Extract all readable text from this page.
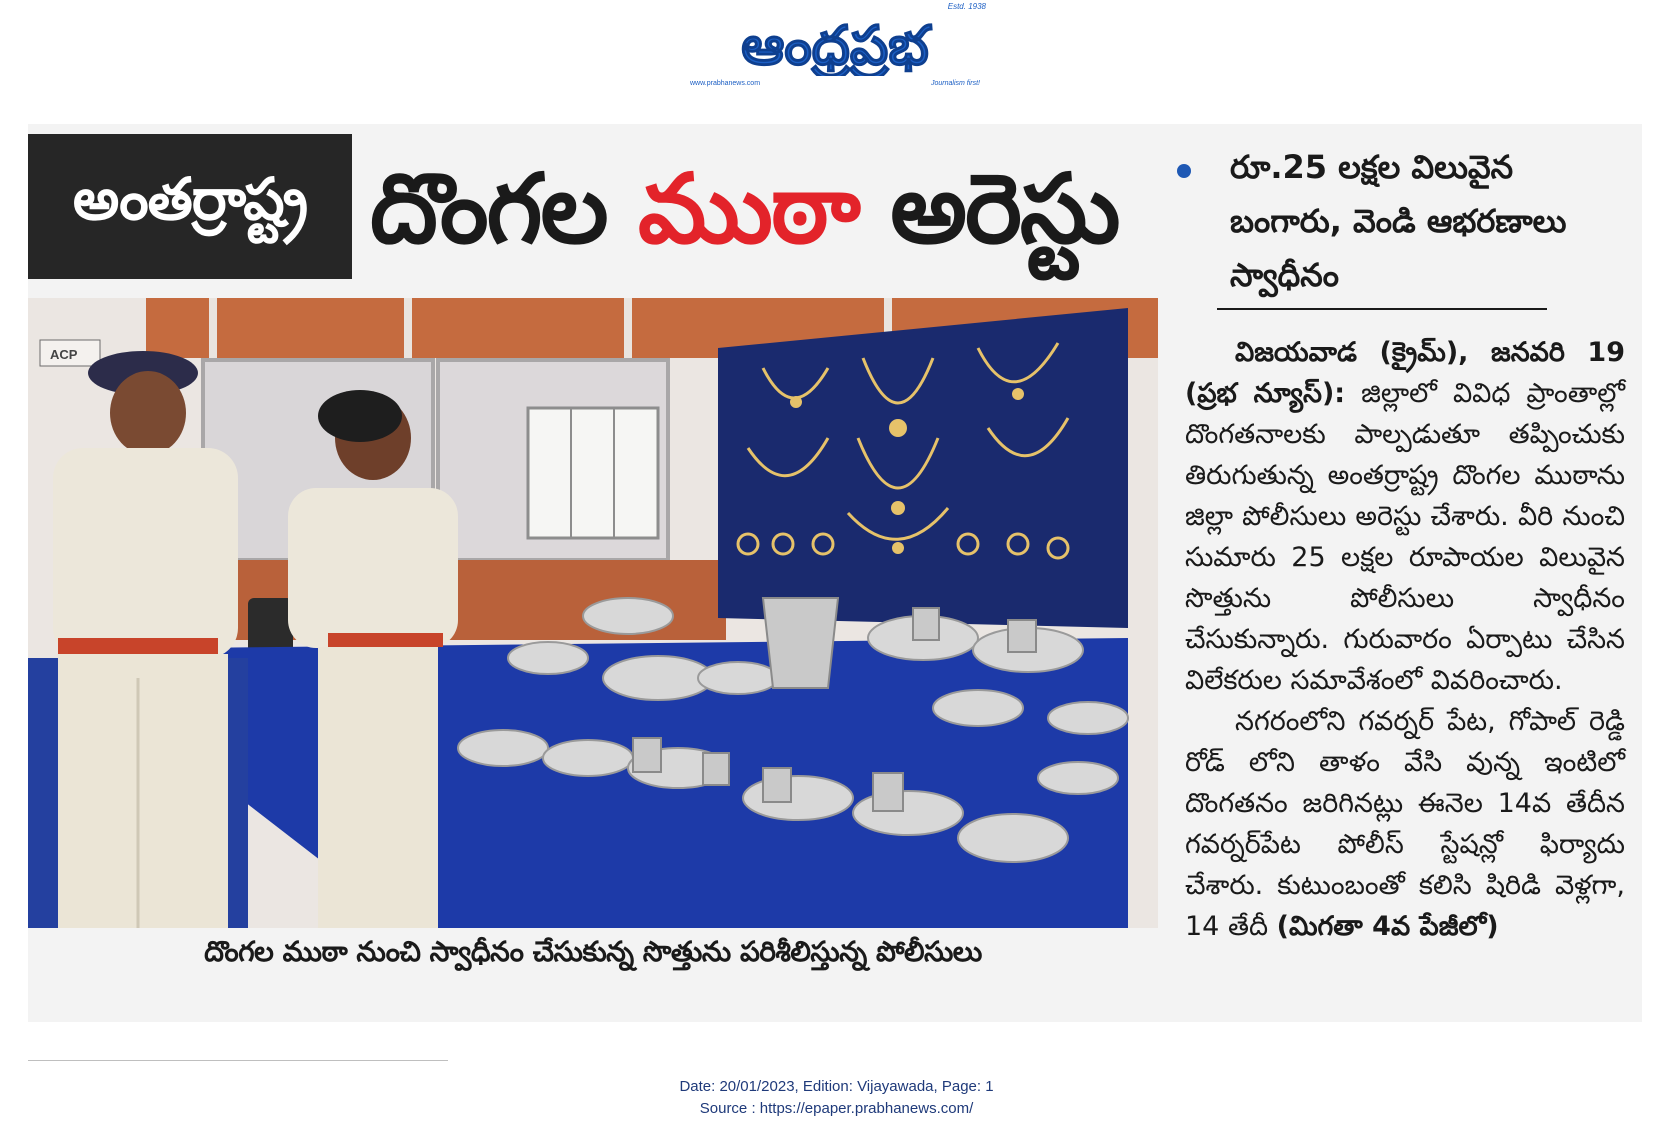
Estd. 1938
ఆంధ్రప్రభ
www.prabhanews.com	Journalism first!
అంతర్రాష్ట్ర దొంగల ముఠా అరెస్టు
ACP
దొంగల ముఠా నుంచి స్వాధీనం చేసుకున్న సొత్తును పరిశీలిస్తున్న పోలీసులు
రూ.25 లక్షల విలువైన బంగారు, వెండి ఆభరణాలు స్వాధీనం

విజయవాడ (క్రైమ్), జనవరి 19 (ప్రభ న్యూస్): జిల్లాలో వివిధ ప్రాంతాల్లో దొంగతనాలకు పాల్పడుతూ తప్పించుకు తిరుగుతున్న అంతర్రాష్ట్ర దొంగల ముఠాను జిల్లా పోలీసులు అరెస్టు చేశారు. వీరి నుంచి సుమారు 25 లక్షల రూపాయల విలువైన సొత్తును పోలీసులు స్వాధీనం చేసుకున్నారు. గురువారం ఏర్పాటు చేసిన విలేకరుల సమావేశంలో వివరించారు.

నగరంలోని గవర్నర్ పేట, గోపాల్ రెడ్డి రోడ్ లోని తాళం వేసి వున్న ఇంటిలో దొంగతనం జరిగినట్లు ఈనెల 14వ తేదీన గవర్నర్‌పేట పోలీస్ స్టేషన్లో ఫిర్యాదు చేశారు. కుటుంబంతో కలిసి షిరిడి వెళ్లగా, 14 తేదీ (మిగతా 4వ పేజీలో)

Date: 20/01/2023, Edition: Vijayawada, Page: 1
Source : https://epaper.prabhanews.com/
